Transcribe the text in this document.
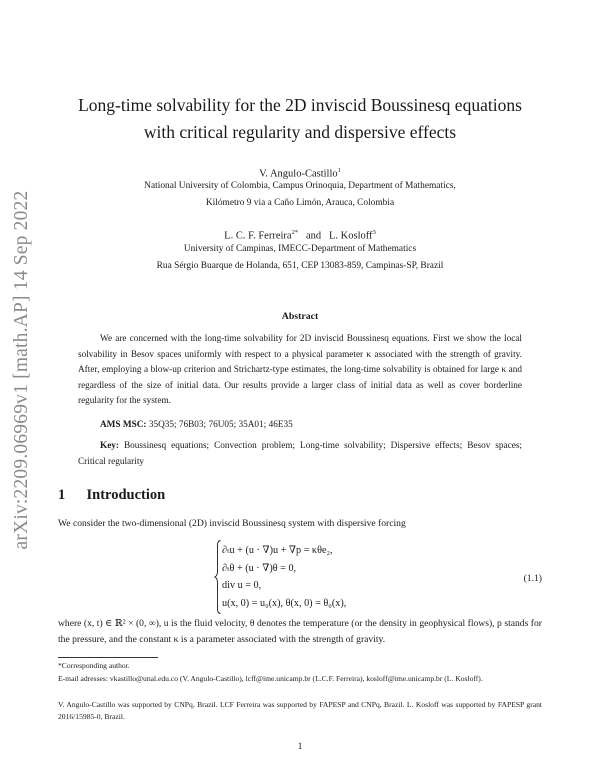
arXiv:2209.06969v1 [math.AP] 14 Sep 2022
Long-time solvability for the 2D inviscid Boussinesq equations
with critical regularity and dispersive effects
V. Angulo-Castillo$^1$
National University of Colombia, Campus Orinoquia, Department of Mathematics,
Kilómetro 9 via a Caño Limón, Arauca, Colombia
L. C. F. Ferreira$^{2*}$ and L. Kosloff$^3$
University of Campinas, IMECC-Department of Mathematics
Rua Sérgio Buarque de Holanda, 651, CEP 13083-859, Campinas-SP, Brazil
Abstract
We are concerned with the long-time solvability for 2D inviscid Boussinesq equations. First we show the local solvability in Besov spaces uniformly with respect to a physical parameter κ associated with the strength of gravity. After, employing a blow-up criterion and Strichartz-type estimates, the long-time solvability is obtained for large κ and regardless of the size of initial data. Our results provide a larger class of initial data as well as cover borderline regularity for the system.
AMS MSC: 35Q35; 76B03; 76U05; 35A01; 46E35
Key: Boussinesq equations; Convection problem; Long-time solvability; Dispersive effects; Besov spaces; Critical regularity
1 Introduction
We consider the two-dimensional (2D) inviscid Boussinesq system with dispersive forcing
∂ₜu + (u · ∇)u + ∇p = κθe₂,
∂ₜθ + (u · ∇)θ = 0,
div u = 0,
u(x, 0) = u₀(x), θ(x, 0) = θ₀(x),
(1.1)
where (x, t) ∈ ℝ² × (0, ∞), u is the fluid velocity, θ denotes the temperature (or the density in geophysical flows), p stands for the pressure, and the constant κ is a parameter associated with the strength of gravity.
*Corresponding author.
E-mail adresses: vkastillo@unal.edu.co (V. Angulo-Castillo), lcff@ime.unicamp.br (L.C.F. Ferreira), kosloff@ime.unicamp.br (L. Kosloff).
V. Angulo-Castillo was supported by CNPq, Brazil. LCF Ferreira was supported by FAPESP and CNPq, Brazil. L. Kosloff was supported by FAPESP grant 2016/15985-0, Brazil.
1
